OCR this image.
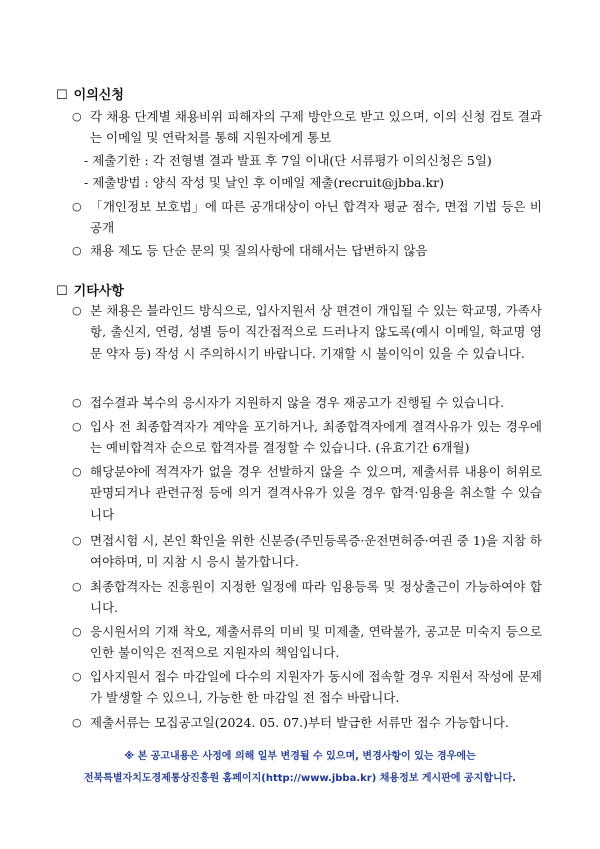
☐ 이의신청
○ 각 채용 단계별 채용비위 피해자의 구제 방안으로 받고 있으며, 이의 신청 검토 결과는 이메일 및 연락처를 통해 지원자에게 통보
- 제출기한 : 각 전형별 결과 발표 후 7일 이내(단 서류평가 이의신청은 5일)
- 제출방법 : 양식 작성 및 날인 후 이메일 제출(recruit@jbba.kr)
○ 「개인정보 보호법」에 따른 공개대상이 아닌 합격자 평균 점수, 면접 기법 등은 비공개
○ 채용 제도 등 단순 문의 및 질의사항에 대해서는 답변하지 않음
☐ 기타사항
○ 본 채용은 블라인드 방식으로, 입사지원서 상 편견이 개입될 수 있는 학교명, 가족사항, 출신지, 연령, 성별 등이 직간접적으로 드러나지 않도록(예시 이메일, 학교명 영문 약자 등) 작성 시 주의하시기 바랍니다. 기재할 시 불이익이 있을 수 있습니다.
○ 접수결과 복수의 응시자가 지원하지 않을 경우 재공고가 진행될 수 있습니다.
○ 입사 전 최종합격자가 계약을 포기하거나, 최종합격자에게 결격사유가 있는 경우에는 예비합격자 순으로 합격자를 결정할 수 있습니다. (유효기간 6개월)
○ 해당분야에 적격자가 없을 경우 선발하지 않을 수 있으며, 제출서류 내용이 허위로 판명되거나 관련규정 등에 의거 결격사유가 있을 경우 합격·임용을 취소할 수 있습니다
○ 면접시험 시, 본인 확인을 위한 신분증(주민등록증·운전면허증·여권 중 1)을 지참 하여야하며, 미 지참 시 응시 불가합니다.
○ 최종합격자는 진흥원이 지정한 일정에 따라 임용등록 및 정상출근이 가능하여야 합니다.
○ 응시원서의 기재 착오, 제출서류의 미비 및 미제출, 연락불가, 공고문 미숙지 등으로 인한 불이익은 전적으로 지원자의 책임입니다.
○ 입사지원서 접수 마감일에 다수의 지원자가 동시에 접속할 경우 지원서 작성에 문제가 발생할 수 있으니, 가능한 한 마감일 전 접수 바랍니다.
○ 제출서류는 모집공고일(2024. 05. 07.)부터 발급한 서류만 접수 가능합니다.
※ 본 공고내용은 사정에 의해 일부 변경될 수 있으며, 변경사항이 있는 경우에는
전북특별자치도경제통상진흥원 홈페이지(http://www.jbba.kr) 채용정보 게시판에 공지합니다.
